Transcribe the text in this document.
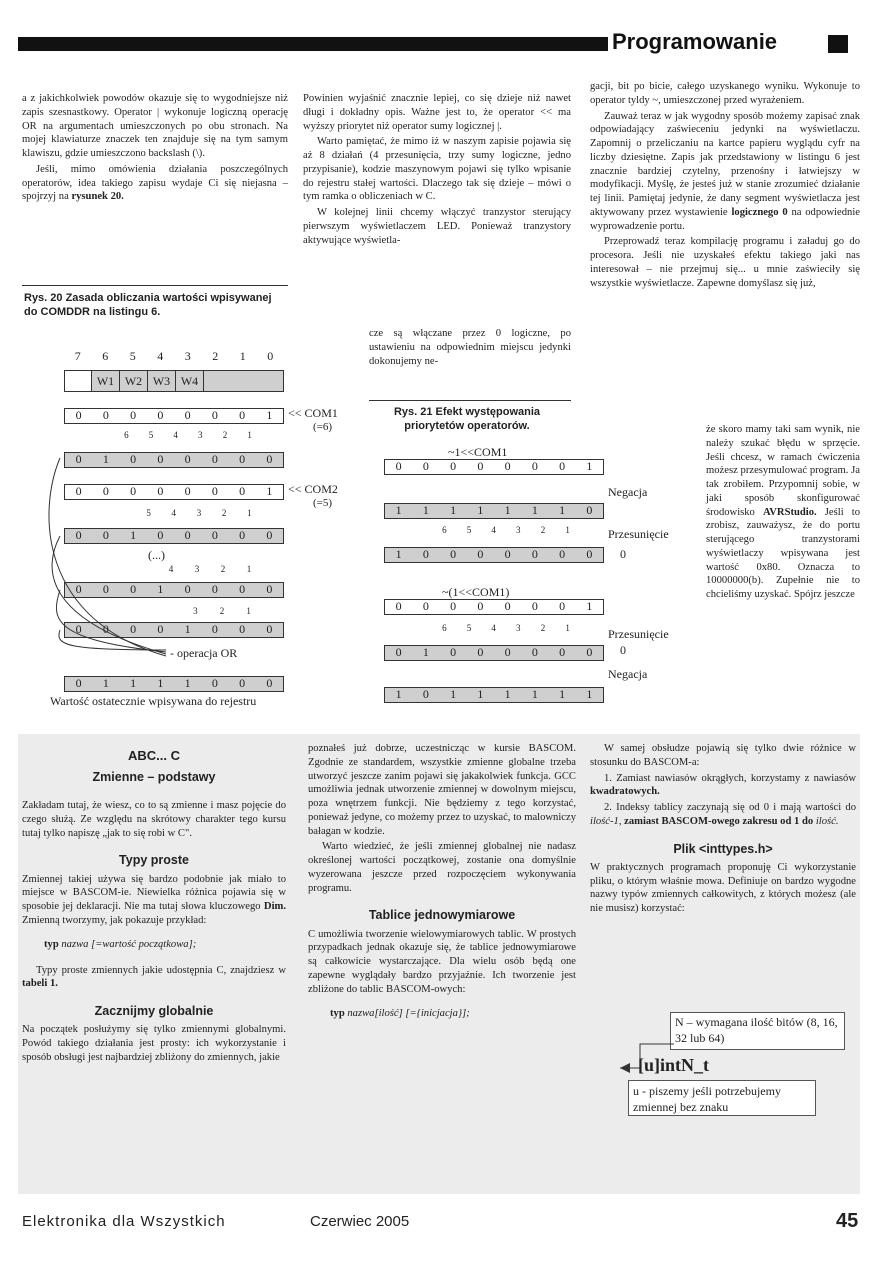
Programowanie

a z jakichkolwiek powodów okazuje się to wygodniejsze niż zapis szesnastkowy. Operator | wykonuje logiczną operację OR na argumentach umieszczonych po obu stronach. Na mojej klawiaturze znaczek ten znajduje się na tym samym klawiszu, gdzie umieszczono backslash (\).

Jeśli, mimo omówienia działania poszczególnych operatorów, idea takiego zapisu wydaje Ci się niejasna – spojrzyj na rysunek 20.

Powinien wyjaśnić znacznie lepiej, co się dzieje niż nawet długi i dokładny opis. Ważne jest to, że operator << ma wyższy priorytet niż operator sumy logicznej |.

Warto pamiętać, że mimo iż w naszym zapisie pojawia się aż 8 działań (4 przesunięcia, trzy sumy logiczne, jedno przypisanie), kodzie maszynowym pojawi się tylko wpisanie do rejestru stałej wartości. Dlaczego tak się dzieje – mówi o tym ramka o obliczeniach w C.

W kolejnej linii chcemy włączyć tranzystor sterujący pierwszym wyświetlaczem LED. Ponieważ tranzystory aktywujące wyświetla-

cze są włączane przez 0 logiczne, po ustawieniu na odpowiednim miejscu jedynki dokonujemy ne-

gacji, bit po bicie, całego uzyskanego wyniku. Wykonuje to operator tyldy ~, umieszczonej przed wyrażeniem.

Zauważ teraz w jak wygodny sposób możemy zapisać znak odpowiadający zaświeceniu jedynki na wyświetlaczu. Zapomnij o przeliczaniu na kartce papieru wyglądu cyfr na liczby dziesiętne. Zapis jak przedstawiony w listingu 6 jest znacznie bardziej czytelny, przenośny i łatwiejszy w modyfikacji. Myślę, że jesteś już w stanie zrozumieć działanie tej linii. Pamiętaj jedynie, że dany segment wyświetlacza jest aktywowany przez wystawienie logicznego 0 na odpowiednie wyprowadzenie portu.

Przeprowadź teraz kompilację programu i załaduj go do procesora. Jeśli nie uzyskałeś efektu takiego jaki nas interesował – nie przejmuj się... u mnie zaświeciły się wszystkie wyświetlacze. Zapewne domyślasz się już,

że skoro mamy taki sam wynik, nie należy szukać błędu w sprzęcie. Jeśli chcesz, w ramach ćwiczenia możesz przesymulować program. Ja tak zrobiłem. Przypomnij sobie, w jaki sposób skonfigurować środowisko AVRStudio. Jeśli to zrobisz, zauważysz, że do portu sterującego tranzystorami wyświetlaczy wpisywana jest wartość 0x80. Oznacza to 10000000(b). Zupełnie nie to chcieliśmy uzyskać. Spójrz jeszcze

Rys. 20 Zasada obliczania wartości wpisywanej do COMDDR na listingu 6.
7 6 5 4 3 2 1 0
W1 W2 W3 W4
0 0 0 0 0 0 0 1 << COM1
(=6)
6 5 4 3 2 1
0 1 0 0 0 0 0 0
0 0 0 0 0 0 0 1 << COM2
(=5)
5 4 3 2 1
0 0 1 0 0 0 0 0
(...)
4 3 2 1
0 0 0 1 0 0 0 0
3 2 1
0 0 0 0 1 0 0 0
- operacja OR
0 1 1 1 1 0 0 0
Wartość ostatecznie wpisywana do rejestru
Rys. 21 Efekt występowania priorytetów operatorów.
~1<<COM1
0 0 0 0 0 0 0 1
Negacja
1 1 1 1 1 1 1 0
6 5 4 3 2 1	Przesunięcie
1 0 0 0 0 0 0 0 0
~(1<<COM1)
0 0 0 0 0 0 0 1
6 5 4 3 2 1	Przesunięcie
0 1 0 0 0 0 0 0 0
Negacja
1 0 1 1 1 1 1 1
ABC... C
Zmienne – podstawy

Zakładam tutaj, że wiesz, co to są zmienne i masz pojęcie do czego służą. Ze względu na skrótowy charakter tego kursu tutaj tylko napiszę „jak to się robi w C".

Typy proste

Zmiennej takiej używa się bardzo podobnie jak miało to miejsce w BASCOM-ie. Niewielka różnica pojawia się w sposobie jej deklaracji. Nie ma tutaj słowa kluczowego Dim. Zmienną tworzymy, jak pokazuje przykład:

typ nazwa [=wartość początkowa];

Typy proste zmiennych jakie udostępnia C, znajdziesz w tabeli 1.

Zacznijmy globalnie

Na początek posłużymy się tylko zmiennymi globalnymi. Powód takiego działania jest prosty: ich wykorzystanie i sposób obsługi jest najbardziej zbliżony do zmiennych, jakie

poznałeś już dobrze, uczestnicząc w kursie BASCOM. Zgodnie ze standardem, wszystkie zmienne globalne trzeba utworzyć jeszcze zanim pojawi się jakakolwiek funkcja. GCC umożliwia jednak utworzenie zmiennej w dowolnym miejscu, poza wnętrzem funkcji. Nie będziemy z tego korzystać, ponieważ jedyne, co możemy przez to uzyskać, to malowniczy bałagan w kodzie.

Warto wiedzieć, że jeśli zmiennej globalnej nie nadasz określonej wartości początkowej, zostanie ona domyślnie wyzerowana jeszcze przed rozpoczęciem wykonywania programu.

Tablice jednowymiarowe

C umożliwia tworzenie wielowymiarowych tablic. W prostych przypadkach jednak okazuje się, że tablice jednowymiarowe są całkowicie wystarczające. Dla wielu osób będą one zapewne wyglądały bardzo przyjaźnie. Ich tworzenie jest zbliżone do tablic BASCOM-owych:

typ nazwa[ilość] [={inicjacja}];

W samej obsłudze pojawią się tylko dwie różnice w stosunku do BASCOM-a:

1. Zamiast nawiasów okrągłych, korzystamy z nawiasów kwadratowych.

2. Indeksy tablicy zaczynają się od 0 i mają wartości do ilość-1, zamiast BASCOM-owego zakresu od 1 do ilość.

Plik <inttypes.h>

W praktycznych programach proponuję Ci wykorzystanie pliku, o którym właśnie mowa. Definiuje on bardzo wygodne nazwy typów zmiennych całkowitych, z których możesz (ale nie musisz) korzystać:

N – wymagana ilość bitów (8, 16, 32 lub 64)
[u]intN_t
u - piszemy jeśli potrzebujemy zmiennej bez znaku
Elektronika dla Wszystkich	Czerwiec 2005	45
